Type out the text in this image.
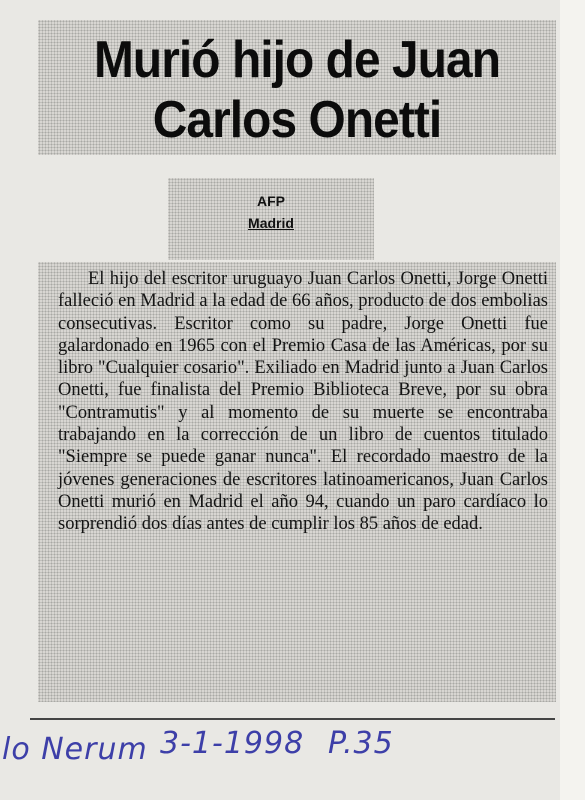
Murió hijo de Juan Carlos Onetti
AFP
Madrid
El hijo del escritor uruguayo Juan Carlos Onetti, Jorge Onetti falleció en Madrid a la edad de 66 años, producto de dos embolias consecutivas. Escritor como su padre, Jorge Onetti fue galardonado en 1965 con el Premio Casa de las Américas, por su libro "Cualquier cosario". Exiliado en Madrid junto a Juan Carlos Onetti, fue finalista del Premio Biblioteca Breve, por su obra "Contramutis" y al momento de su muerte se encontraba trabajando en la corrección de un libro de cuentos titulado "Siempre se puede ganar nunca". El recordado maestro de la jóvenes generaciones de escritores latinoamericanos, Juan Carlos Onetti murió en Madrid el año 94, cuando un paro cardíaco lo sorprendió dos días antes de cumplir los 85 años de edad.
lo Nerum 3-1-1998 P.35
